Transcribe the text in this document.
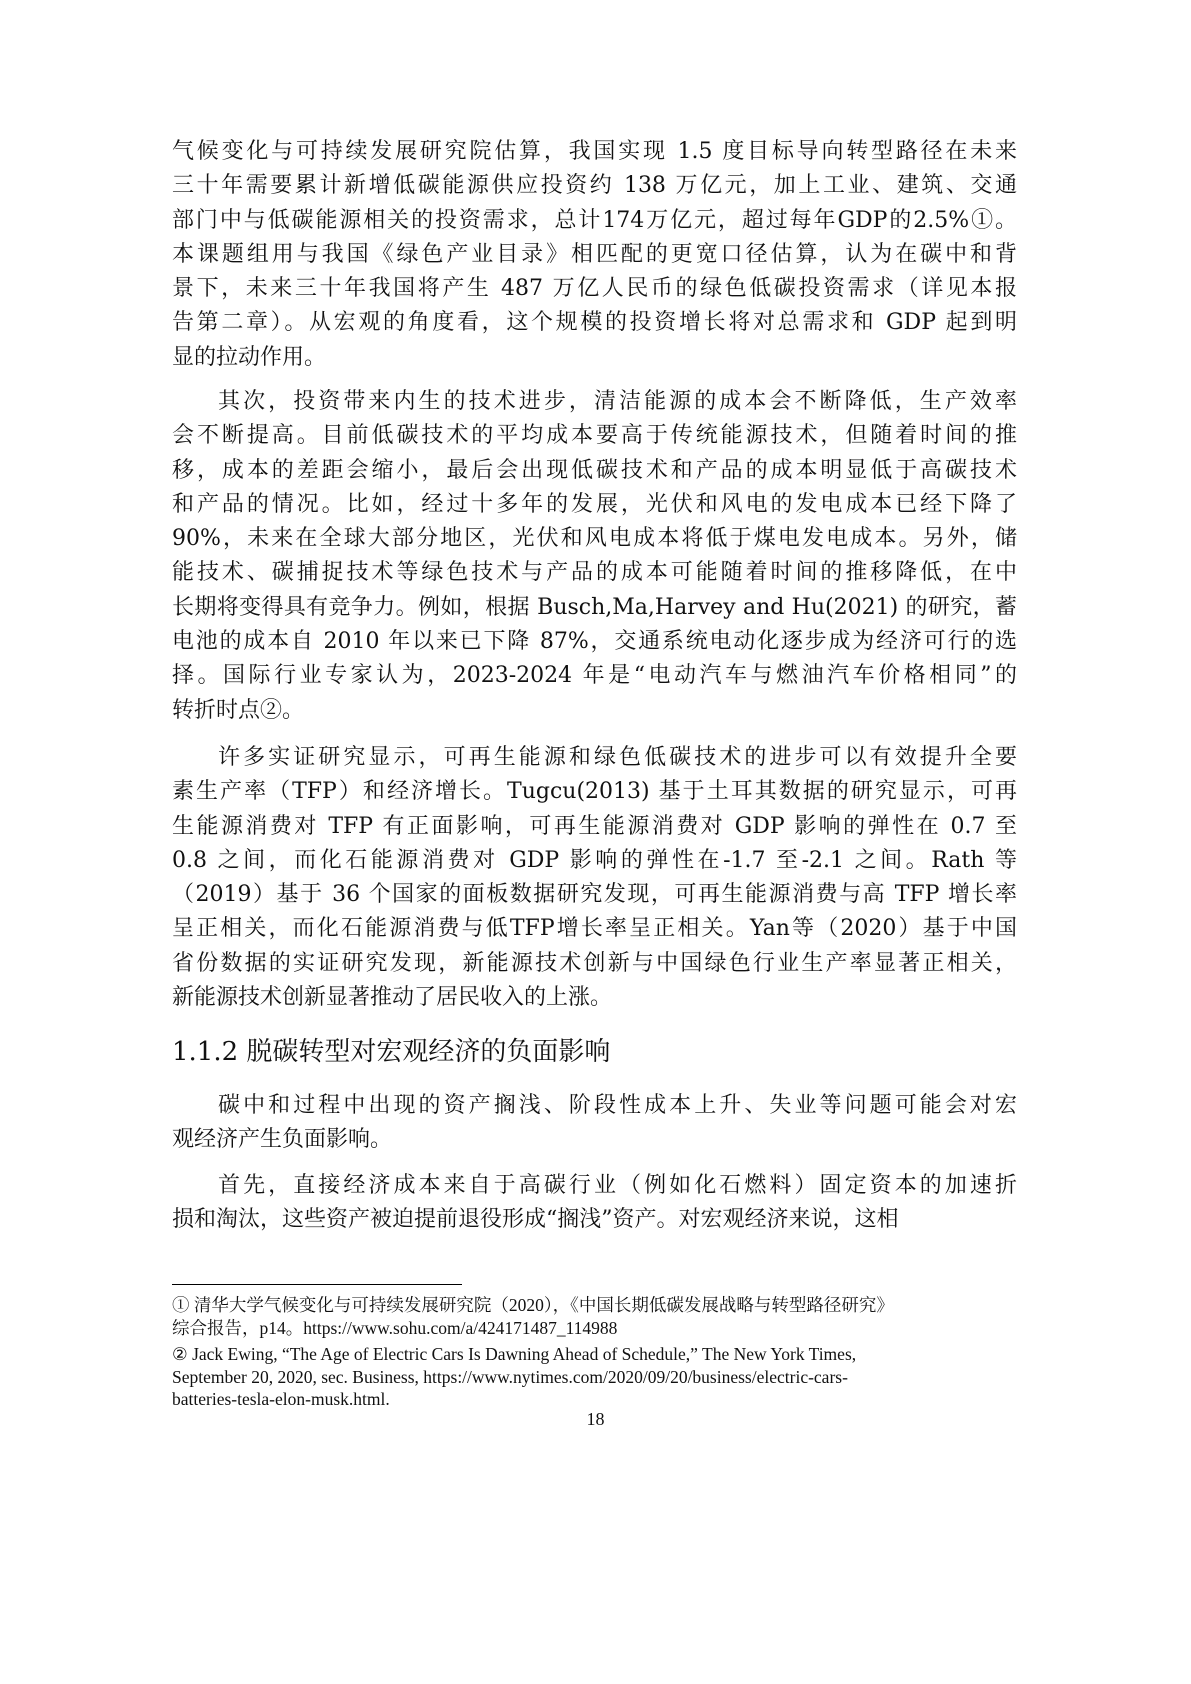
气候变化与可持续发展研究院估算，我国实现 1.5 度目标导向转型路径在未来
三十年需要累计新增低碳能源供应投资约 138 万亿元，加上工业、建筑、交通
部门中与低碳能源相关的投资需求，总计174万亿元，超过每年GDP的2.5%①。
本课题组用与我国《绿色产业目录》相匹配的更宽口径估算，认为在碳中和背
景下，未来三十年我国将产生 487 万亿人民币的绿色低碳投资需求（详见本报
告第二章）。从宏观的角度看，这个规模的投资增长将对总需求和 GDP 起到明
显的拉动作用。
其次，投资带来内生的技术进步，清洁能源的成本会不断降低，生产效率
会不断提高。目前低碳技术的平均成本要高于传统能源技术，但随着时间的推
移，成本的差距会缩小，最后会出现低碳技术和产品的成本明显低于高碳技术
和产品的情况。比如，经过十多年的发展，光伏和风电的发电成本已经下降了
90%，未来在全球大部分地区，光伏和风电成本将低于煤电发电成本。另外，储
能技术、碳捕捉技术等绿色技术与产品的成本可能随着时间的推移降低，在中
长期将变得具有竞争力。例如，根据 Busch,Ma,Harvey and Hu(2021) 的研究，蓄
电池的成本自 2010 年以来已下降 87%，交通系统电动化逐步成为经济可行的选
择。国际行业专家认为，2023-2024 年是“电动汽车与燃油汽车价格相同”的
转折时点②。
许多实证研究显示，可再生能源和绿色低碳技术的进步可以有效提升全要
素生产率（TFP）和经济增长。Tugcu(2013) 基于土耳其数据的研究显示，可再
生能源消费对 TFP 有正面影响，可再生能源消费对 GDP 影响的弹性在 0.7 至
0.8 之间，而化石能源消费对 GDP 影响的弹性在-1.7 至-2.1 之间。Rath 等
（2019）基于 36 个国家的面板数据研究发现，可再生能源消费与高 TFP 增长率
呈正相关，而化石能源消费与低TFP增长率呈正相关。Yan等（2020）基于中国
省份数据的实证研究发现，新能源技术创新与中国绿色行业生产率显著正相关，
新能源技术创新显著推动了居民收入的上涨。
1.1.2 脱碳转型对宏观经济的负面影响
碳中和过程中出现的资产搁浅、阶段性成本上升、失业等问题可能会对宏
观经济产生负面影响。
首先，直接经济成本来自于高碳行业（例如化石燃料）固定资本的加速折
损和淘汰，这些资产被迫提前退役形成“搁浅”资产。对宏观经济来说，这相
① 清华大学气候变化与可持续发展研究院（2020），《中国长期低碳发展战略与转型路径研究》
综合报告，p14。https://www.sohu.com/a/424171487_114988
② Jack Ewing, “The Age of Electric Cars Is Dawning Ahead of Schedule,” The New York Times,
September 20, 2020, sec. Business, https://www.nytimes.com/2020/09/20/business/electric-cars-
batteries-tesla-elon-musk.html.
18
